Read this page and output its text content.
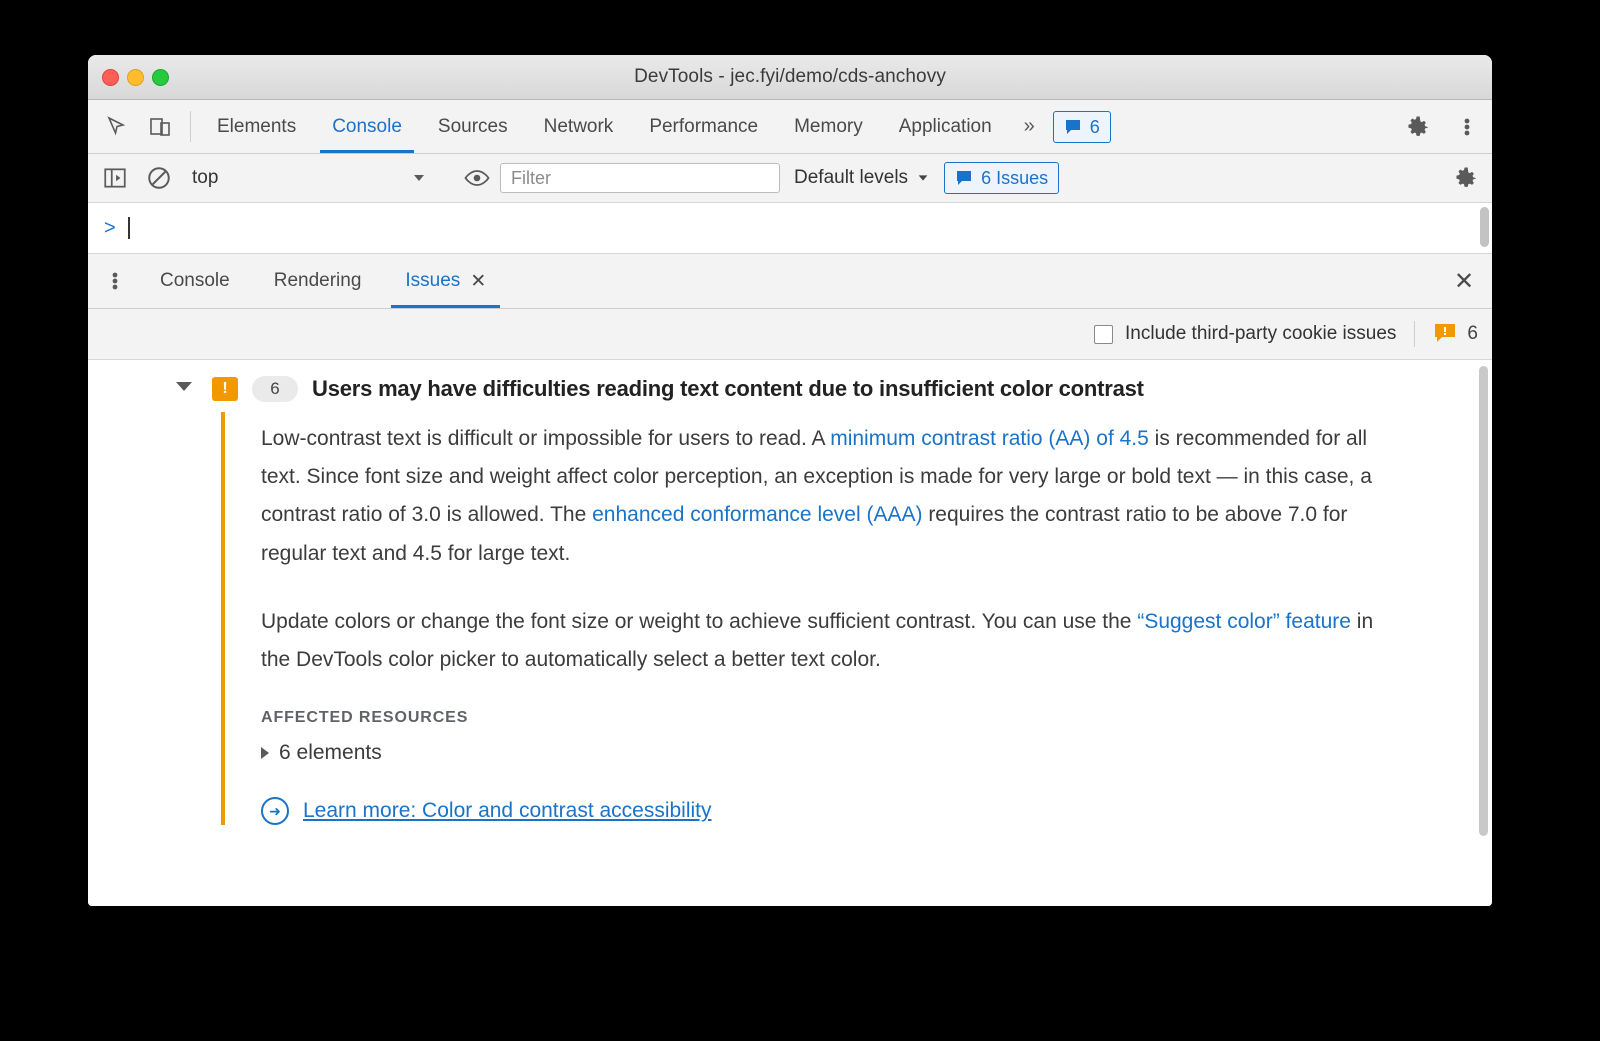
DevTools - jec.fyi/demo/cds-anchovy
Elements Console Sources Network Performance Memory Application »	6
top
Filter	Default levels	6 Issues
>
Console Rendering Issues ✕	✕
Include third-party cookie issues	6
!	6	Users may have difficulties reading text content due to insufficient color contrast

Low-contrast text is difficult or impossible for users to read. A minimum contrast ratio (AA) of 4.5 is recommended for all text. Since font size and weight affect color perception, an exception is made for very large or bold text — in this case, a contrast ratio of 3.0 is allowed. The enhanced conformance level (AAA) requires the contrast ratio to be above 7.0 for regular text and 4.5 for large text.

Update colors or change the font size or weight to achieve sufficient contrast. You can use the “Suggest color” feature in the DevTools color picker to automatically select a better text color.

AFFECTED RESOURCES
6 elements
➜	Learn more: Color and contrast accessibility
